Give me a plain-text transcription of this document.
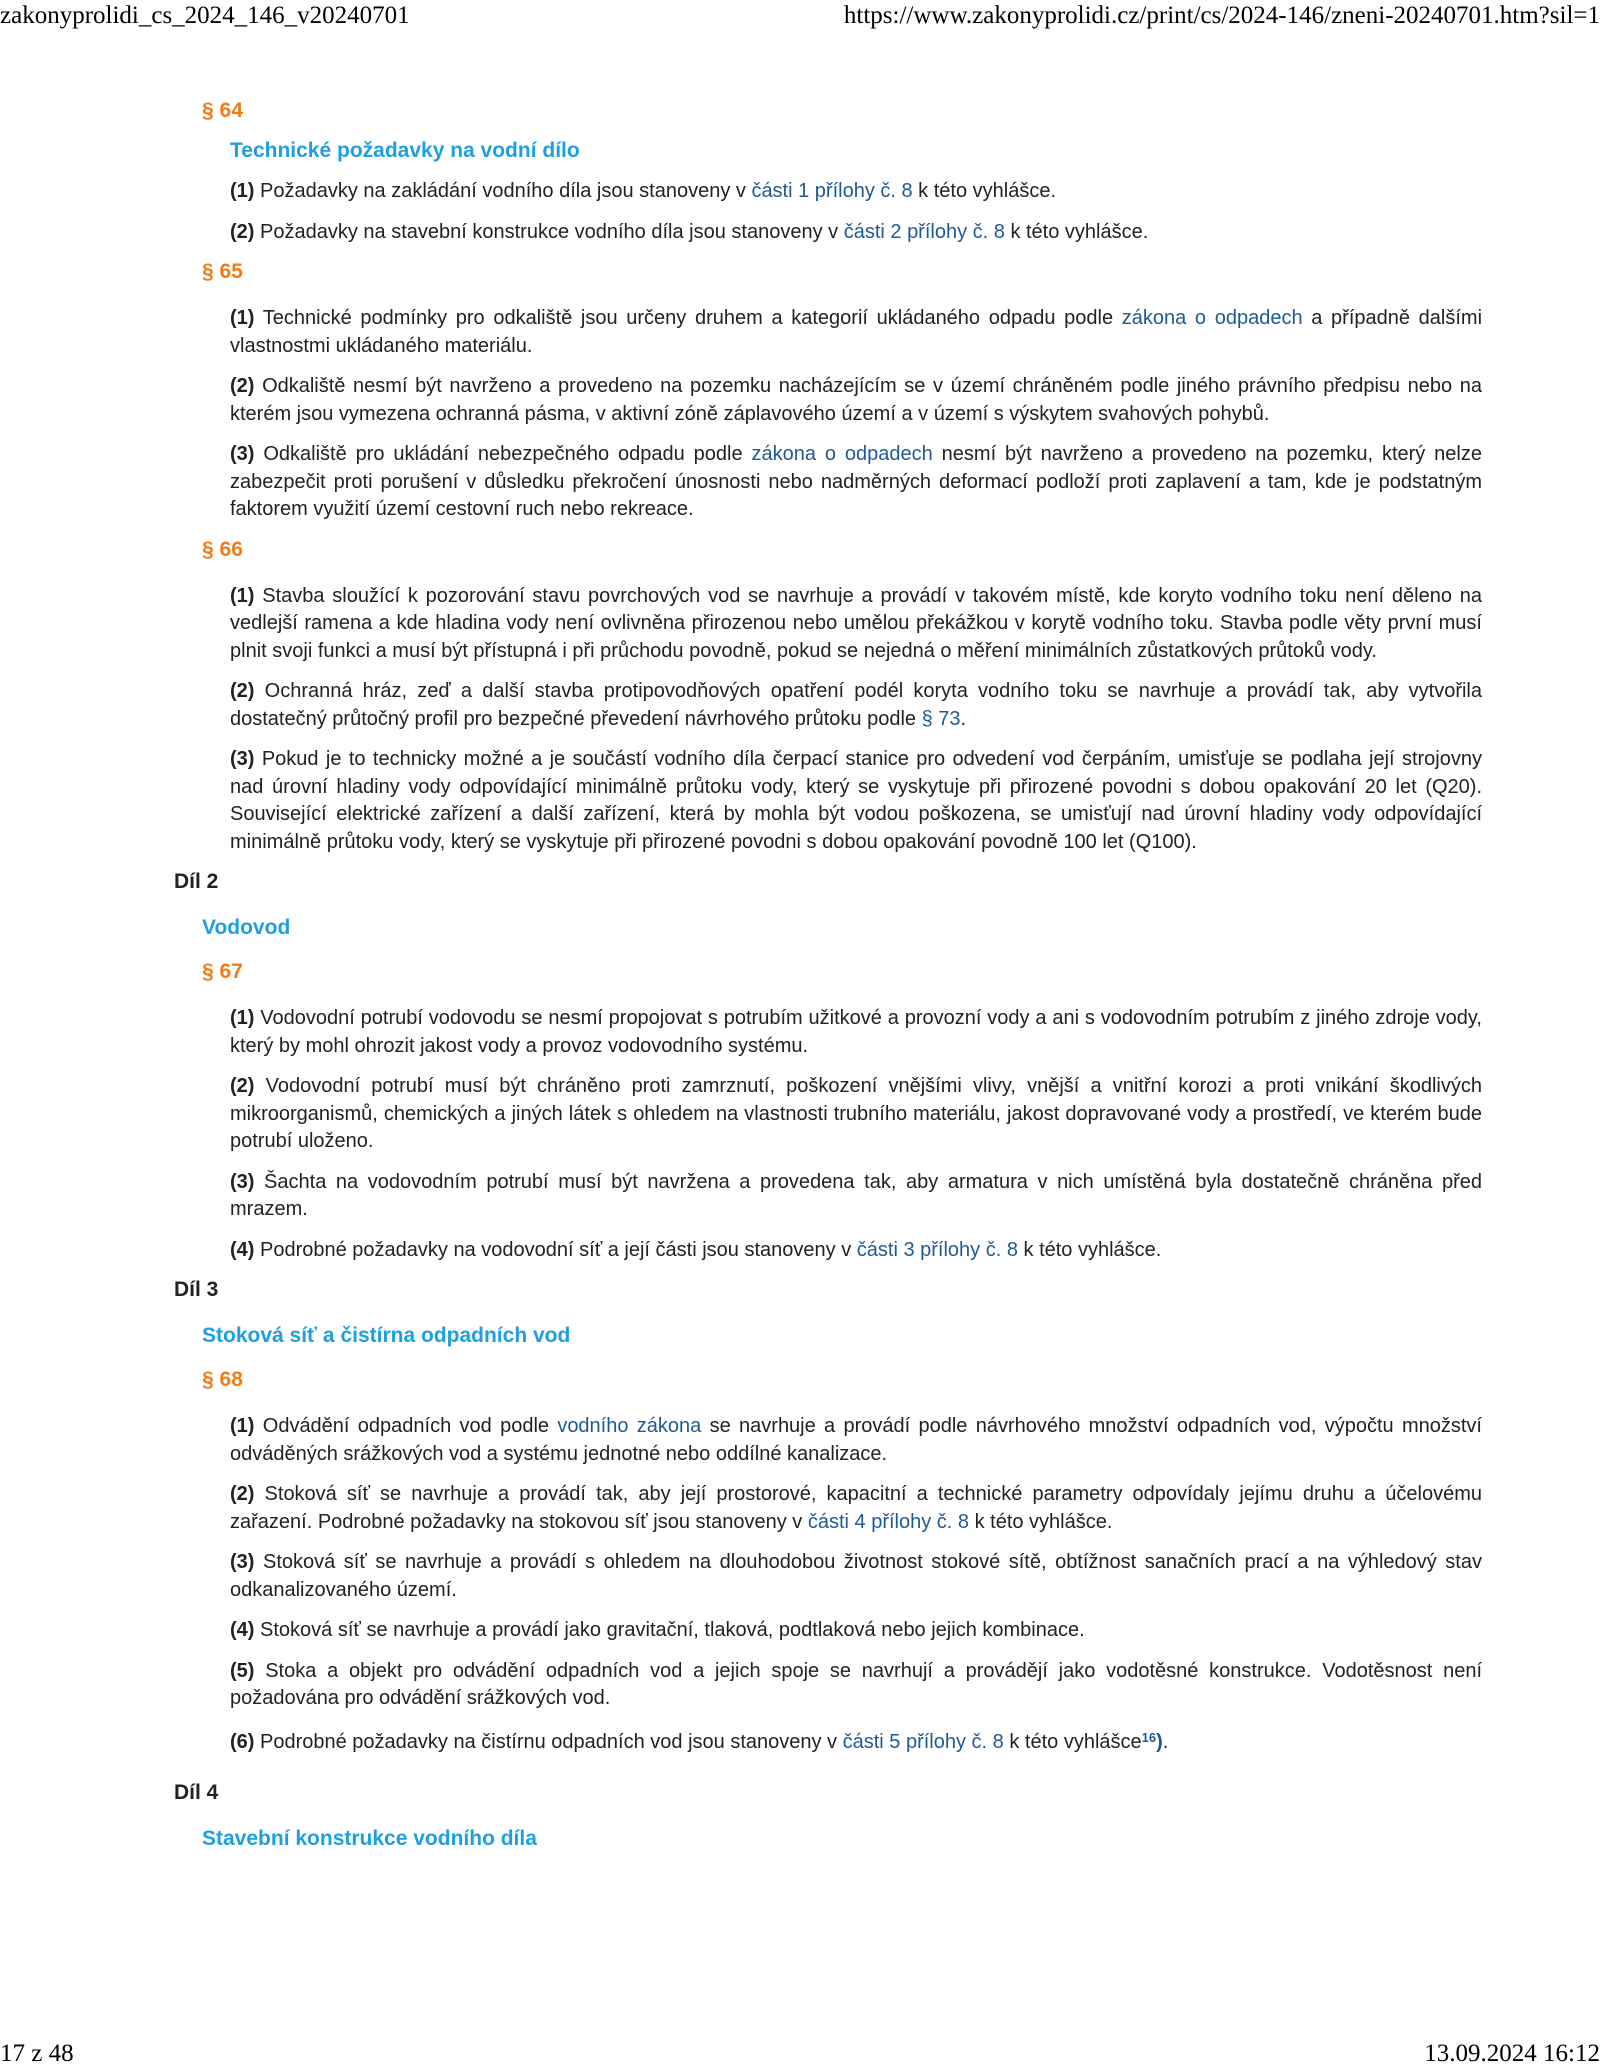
zakonyprolidi_cs_2024_146_v20240701	https://www.zakonyprolidi.cz/print/cs/2024-146/zneni-20240701.htm?sil=1
§ 64
Technické požadavky na vodní dílo
(1) Požadavky na zakládání vodního díla jsou stanoveny v části 1 přílohy č. 8 k této vyhlášce.
(2) Požadavky na stavební konstrukce vodního díla jsou stanoveny v části 2 přílohy č. 8 k této vyhlášce.
§ 65
(1) Technické podmínky pro odkaliště jsou určeny druhem a kategorií ukládaného odpadu podle zákona o odpadech a případně dalšími vlastnostmi ukládaného materiálu.
(2) Odkaliště nesmí být navrženo a provedeno na pozemku nacházejícím se v území chráněném podle jiného právního předpisu nebo na kterém jsou vymezena ochranná pásma, v aktivní zóně záplavového území a v území s výskytem svahových pohybů.
(3) Odkaliště pro ukládání nebezpečného odpadu podle zákona o odpadech nesmí být navrženo a provedeno na pozemku, který nelze zabezpečit proti porušení v důsledku překročení únosnosti nebo nadměrných deformací podloží proti zaplavení a tam, kde je podstatným faktorem využití území cestovní ruch nebo rekreace.
§ 66
(1) Stavba sloužící k pozorování stavu povrchových vod se navrhuje a provádí v takovém místě, kde koryto vodního toku není děleno na vedlejší ramena a kde hladina vody není ovlivněna přirozenou nebo umělou překážkou v korytě vodního toku. Stavba podle věty první musí plnit svoji funkci a musí být přístupná i při průchodu povodně, pokud se nejedná o měření minimálních zůstatkových průtoků vody.
(2) Ochranná hráz, zeď a další stavba protipovodňových opatření podél koryta vodního toku se navrhuje a provádí tak, aby vytvořila dostatečný průtočný profil pro bezpečné převedení návrhového průtoku podle § 73.
(3) Pokud je to technicky možné a je součástí vodního díla čerpací stanice pro odvedení vod čerpáním, umisťuje se podlaha její strojovny nad úrovní hladiny vody odpovídající minimálně průtoku vody, který se vyskytuje při přirozené povodni s dobou opakování 20 let (Q20). Související elektrické zařízení a další zařízení, která by mohla být vodou poškozena, se umisťují nad úrovní hladiny vody odpovídající minimálně průtoku vody, který se vyskytuje při přirozené povodni s dobou opakování povodně 100 let (Q100).
Díl 2
Vodovod
§ 67
(1) Vodovodní potrubí vodovodu se nesmí propojovat s potrubím užitkové a provozní vody a ani s vodovodním potrubím z jiného zdroje vody, který by mohl ohrozit jakost vody a provoz vodovodního systému.
(2) Vodovodní potrubí musí být chráněno proti zamrznutí, poškození vnějšími vlivy, vnější a vnitřní korozi a proti vnikání škodlivých mikroorganismů, chemických a jiných látek s ohledem na vlastnosti trubního materiálu, jakost dopravované vody a prostředí, ve kterém bude potrubí uloženo.
(3) Šachta na vodovodním potrubí musí být navržena a provedena tak, aby armatura v nich umístěná byla dostatečně chráněna před mrazem.
(4) Podrobné požadavky na vodovodní síť a její části jsou stanoveny v části 3 přílohy č. 8 k této vyhlášce.
Díl 3
Stoková síť a čistírna odpadních vod
§ 68
(1) Odvádění odpadních vod podle vodního zákona se navrhuje a provádí podle návrhového množství odpadních vod, výpočtu množství odváděných srážkových vod a systému jednotné nebo oddílné kanalizace.
(2) Stoková síť se navrhuje a provádí tak, aby její prostorové, kapacitní a technické parametry odpovídaly jejímu druhu a účelovému zařazení. Podrobné požadavky na stokovou síť jsou stanoveny v části 4 přílohy č. 8 k této vyhlášce.
(3) Stoková síť se navrhuje a provádí s ohledem na dlouhodobou životnost stokové sítě, obtížnost sanačních prací a na výhledový stav odkanalizovaného území.
(4) Stoková síť se navrhuje a provádí jako gravitační, tlaková, podtlaková nebo jejich kombinace.
(5) Stoka a objekt pro odvádění odpadních vod a jejich spoje se navrhují a provádějí jako vodotěsné konstrukce. Vodotěsnost není požadována pro odvádění srážkových vod.
(6) Podrobné požadavky na čistírnu odpadních vod jsou stanoveny v části 5 přílohy č. 8 k této vyhlášce$^{16}$).
Díl 4
Stavební konstrukce vodního díla
17 z 48	13.09.2024 16:12
